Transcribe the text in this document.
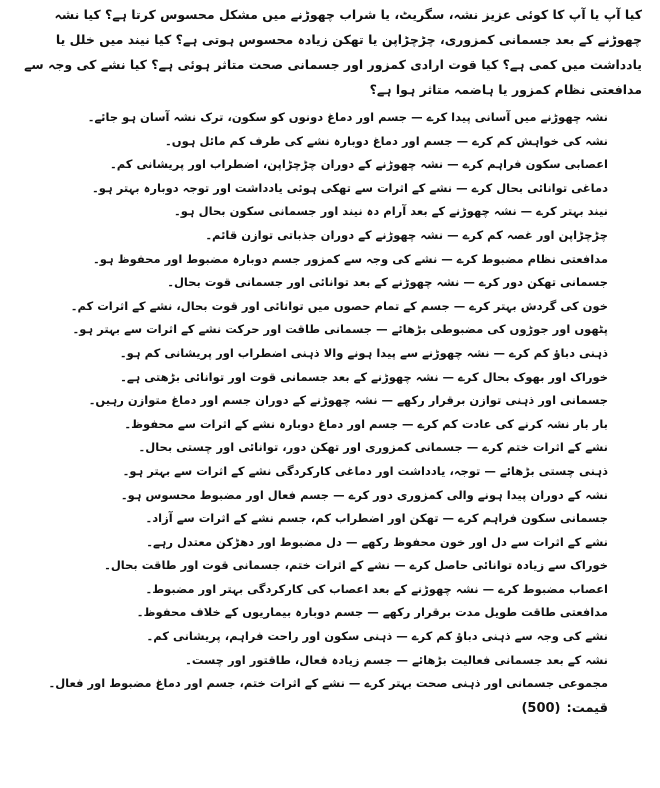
کیا آپ یا آپ کا کوئی عزیز نشہ، سگریٹ، یا شراب چھوڑنے میں مشکل محسوس کرتا ہے؟ کیا نشہ چھوڑنے کے بعد جسمانی کمزوری، چڑچڑاپن یا تھکن زیادہ محسوس ہوتی ہے؟ کیا نیند میں خلل یا یادداشت میں کمی ہے؟ کیا قوت ارادی کمزور اور جسمانی صحت متاثر ہوئی ہے؟ کیا نشے کی وجہ سے مدافعتی نظام کمزور یا ہاضمہ متاثر ہوا ہے؟

نشہ چھوڑنے میں آسانی پیدا کرے — جسم اور دماغ دونوں کو سکون، ترک نشہ آسان ہو جائے۔
نشہ کی خواہش کم کرے — جسم اور دماغ دوبارہ نشے کی طرف کم مائل ہوں۔
اعصابی سکون فراہم کرے — نشہ چھوڑنے کے دوران چڑچڑاپن، اضطراب اور پریشانی کم۔
دماغی توانائی بحال کرے — نشے کے اثرات سے تھکی ہوئی یادداشت اور توجہ دوبارہ بہتر ہو۔
نیند بہتر کرے — نشہ چھوڑنے کے بعد آرام دہ نیند اور جسمانی سکون بحال ہو۔
چڑچڑاپن اور غصہ کم کرے — نشہ چھوڑنے کے دوران جذباتی توازن قائم۔
مدافعتی نظام مضبوط کرے — نشے کی وجہ سے کمزور جسم دوبارہ مضبوط اور محفوظ ہو۔
جسمانی تھکن دور کرے — نشہ چھوڑنے کے بعد توانائی اور جسمانی قوت بحال۔
خون کی گردش بہتر کرے — جسم کے تمام حصوں میں توانائی اور قوت بحال، نشے کے اثرات کم۔
پٹھوں اور جوڑوں کی مضبوطی بڑھائے — جسمانی طاقت اور حرکت نشے کے اثرات سے بہتر ہو۔
ذہنی دباؤ کم کرے — نشہ چھوڑنے سے پیدا ہونے والا ذہنی اضطراب اور پریشانی کم ہو۔
خوراک اور بھوک بحال کرے — نشہ چھوڑنے کے بعد جسمانی قوت اور توانائی بڑھتی ہے۔
جسمانی اور ذہنی توازن برقرار رکھے — نشہ چھوڑنے کے دوران جسم اور دماغ متوازن رہیں۔
بار بار نشہ کرنے کی عادت کم کرے — جسم اور دماغ دوبارہ نشے کے اثرات سے محفوظ۔
نشے کے اثرات ختم کرے — جسمانی کمزوری اور تھکن دور، توانائی اور چستی بحال۔
ذہنی چستی بڑھائے — توجہ، یادداشت اور دماغی کارکردگی نشے کے اثرات سے بہتر ہو۔
نشہ کے دوران پیدا ہونے والی کمزوری دور کرے — جسم فعال اور مضبوط محسوس ہو۔
جسمانی سکون فراہم کرے — تھکن اور اضطراب کم، جسم نشے کے اثرات سے آزاد۔
نشے کے اثرات سے دل اور خون محفوظ رکھے — دل مضبوط اور دھڑکن معتدل رہے۔
خوراک سے زیادہ توانائی حاصل کرے — نشے کے اثرات ختم، جسمانی قوت اور طاقت بحال۔
اعصاب مضبوط کرے — نشہ چھوڑنے کے بعد اعصاب کی کارکردگی بہتر اور مضبوط۔
مدافعتی طاقت طویل مدت برقرار رکھے — جسم دوبارہ بیماریوں کے خلاف محفوظ۔
نشے کی وجہ سے ذہنی دباؤ کم کرے — ذہنی سکون اور راحت فراہم، پریشانی کم۔
نشہ کے بعد جسمانی فعالیت بڑھائے — جسم زیادہ فعال، طاقتور اور چست۔
مجموعی جسمانی اور ذہنی صحت بہتر کرے — نشے کے اثرات ختم، جسم اور دماغ مضبوط اور فعال۔
قیمت:(500)
